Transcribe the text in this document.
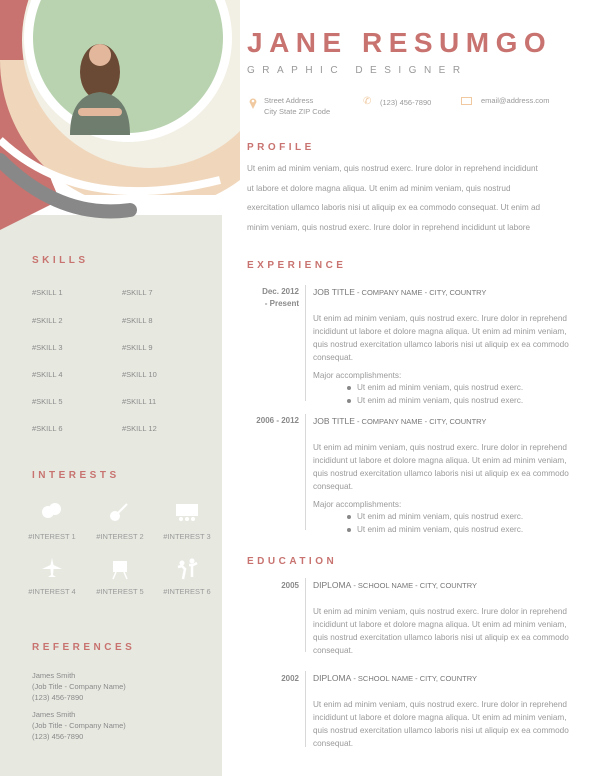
SKILLS
#SKILL 1	#SKILL 7
#SKILL 2	#SKILL 8
#SKILL 3	#SKILL 9
#SKILL 4	#SKILL 10
#SKILL 5	#SKILL 11
#SKILL 6	#SKILL 12
INTERESTS
#INTEREST 1	#INTEREST 2	#INTEREST 3
#INTEREST 4	#INTEREST 5	#INTEREST 6
REFERENCES
James Smith
(Job Title - Company Name)
(123) 456-7890
James Smith
(Job Title - Company Name)
(123) 456-7890
JANE RESUMGO
GRAPHIC DESIGNER
Street Address
City State ZIP Code
✆ (123) 456-7890	email@address.com
PROFILE
Ut enim ad minim veniam, quis nostrud exerc. Irure dolor in reprehend incididunt
ut labore et dolore magna aliqua. Ut enim ad minim veniam, quis nostrud
exercitation ullamco laboris nisi ut aliquip ex ea commodo consequat. Ut enim ad
minim veniam, quis nostrud exerc. Irure dolor in reprehend incididunt ut labore
EXPERIENCE
Dec. 2012
- Present
JOB TITLE - COMPANY NAME - CITY, COUNTRY
Ut enim ad minim veniam, quis nostrud exerc. Irure dolor in reprehend incididunt ut labore et dolore magna aliqua. Ut enim ad minim veniam, quis nostrud exercitation ullamco laboris nisi ut aliquip ex ea commodo consequat.
Major accomplishments:
Ut enim ad minim veniam, quis nostrud exerc.
Ut enim ad minim veniam, quis nostrud exerc.
2006 - 2012 JOB TITLE - COMPANY NAME - CITY, COUNTRY
Ut enim ad minim veniam, quis nostrud exerc. Irure dolor in reprehend incididunt ut labore et dolore magna aliqua. Ut enim ad minim veniam, quis nostrud exercitation ullamco laboris nisi ut aliquip ex ea commodo consequat.
Major accomplishments:
Ut enim ad minim veniam, quis nostrud exerc.
Ut enim ad minim veniam, quis nostrud exerc.
EDUCATION
2005 DIPLOMA - SCHOOL NAME - CITY, COUNTRY
Ut enim ad minim veniam, quis nostrud exerc. Irure dolor in reprehend incididunt ut labore et dolore magna aliqua. Ut enim ad minim veniam, quis nostrud exercitation ullamco laboris nisi ut aliquip ex ea commodo consequat.
2002 DIPLOMA - SCHOOL NAME - CITY, COUNTRY
Ut enim ad minim veniam, quis nostrud exerc. Irure dolor in reprehend incididunt ut labore et dolore magna aliqua. Ut enim ad minim veniam, quis nostrud exercitation ullamco laboris nisi ut aliquip ex ea commodo consequat.
